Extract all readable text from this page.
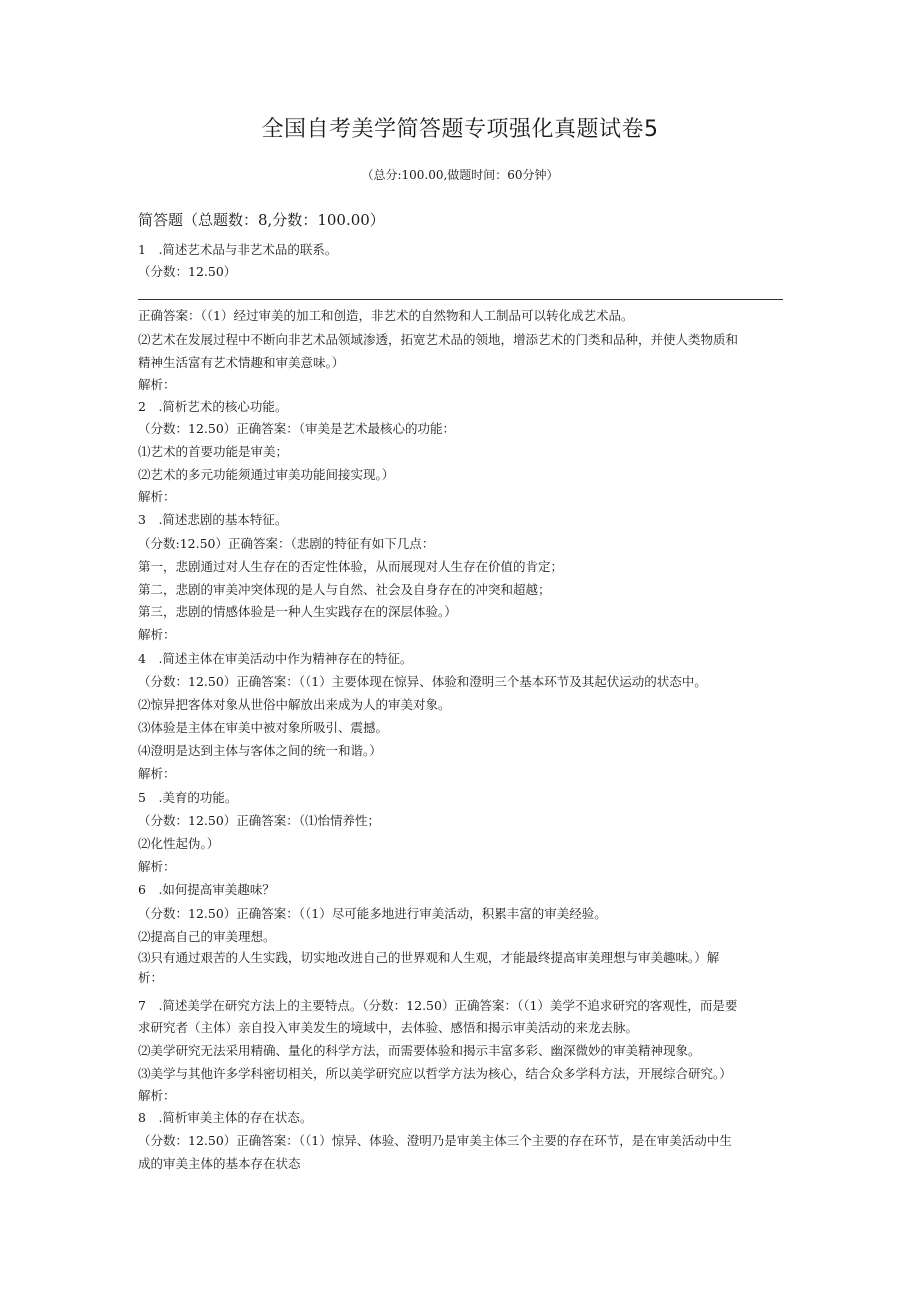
全国自考美学简答题专项强化真题试卷5
（总分:100.00,做题时间：60分钟）
简答题（总题数：8,分数：100.00）
1　.简述艺术品与非艺术品的联系。
（分数：12.50）
正确答案：（（1）经过审美的加工和创造，非艺术的自然物和人工制品可以转化成艺术品。
⑵艺术在发展过程中不断向非艺术品领域渗透，拓宽艺术品的领地，增添艺术的门类和品种，并使人类物质和
精神生活富有艺术情趣和审美意味。）
解析：
2　.简析艺术的核心功能。
（分数：12.50）正确答案：（审美是艺术最核心的功能：
⑴艺术的首要功能是审美；
⑵艺术的多元功能须通过审美功能间接实现。）
解析：
3　.简述悲剧的基本特征。
（分数:12.50）正确答案：（悲剧的特征有如下几点：
第一，悲剧通过对人生存在的否定性体验，从而展现对人生存在价值的肯定；
第二，悲剧的审美冲突体现的是人与自然、社会及自身存在的冲突和超越；
第三，悲剧的情感体验是一种人生实践存在的深层体验。）
解析：
4　.简述主体在审美活动中作为精神存在的特征。
（分数：12.50）正确答案：（（1）主要体现在惊异、体验和澄明三个基本环节及其起伏运动的状态中。
⑵惊异把客体对象从世俗中解放出来成为人的审美对象。
⑶体验是主体在审美中被对象所吸引、震撼。
⑷澄明是达到主体与客体之间的统一和谐。）
解析：
5　.美育的功能。
（分数：12.50）正确答案：（⑴怡情养性；
⑵化性起伪。）
解析：
6　.如何提高审美趣味？
（分数：12.50）正确答案：（（1）尽可能多地进行审美活动，积累丰富的审美经验。
⑵提高自己的审美理想。
⑶只有通过艰苦的人生实践，切实地改进自己的世界观和人生观，才能最终提高审美理想与审美趣味。）解
析：
7　.简述美学在研究方法上的主要特点。（分数：12.50）正确答案：（（1）美学不追求研究的客观性，而是要
求研究者（主体）亲自投入审美发生的境域中，去体验、感悟和揭示审美活动的来龙去脉。
⑵美学研究无法采用精确、量化的科学方法，而需要体验和揭示丰富多彩、幽深微妙的审美精神现象。
⑶美学与其他许多学科密切相关，所以美学研究应以哲学方法为核心，结合众多学科方法，开展综合研究。）
解析：
8　.简析审美主体的存在状态。
（分数：12.50）正确答案：（（1）惊异、体验、澄明乃是审美主体三个主要的存在环节，是在审美活动中生
成的审美主体的基本存在状态
